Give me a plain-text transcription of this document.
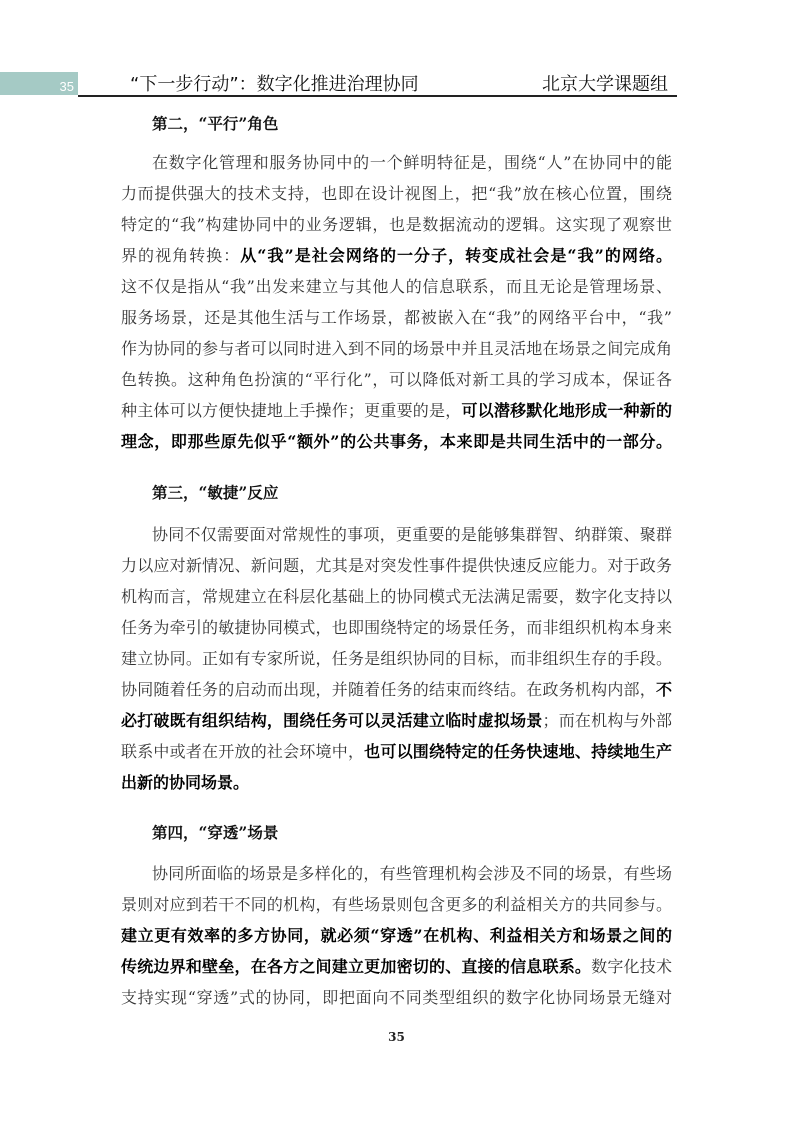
35	“下一步行动”：数字化推进治理协同	北京大学课题组
第二，“平行”角色
在数字化管理和服务协同中的一个鲜明特征是，围绕“人”在协同中的能
力而提供强大的技术支持，也即在设计视图上，把“我”放在核心位置，围绕
特定的“我”构建协同中的业务逻辑，也是数据流动的逻辑。这实现了观察世
界的视角转换：从“我”是社会网络的一分子，转变成社会是“我”的网络。
这不仅是指从“我”出发来建立与其他人的信息联系，而且无论是管理场景、
服务场景，还是其他生活与工作场景，都被嵌入在“我”的网络平台中，“我”
作为协同的参与者可以同时进入到不同的场景中并且灵活地在场景之间完成角
色转换。这种角色扮演的“平行化”，可以降低对新工具的学习成本，保证各
种主体可以方便快捷地上手操作；更重要的是，可以潜移默化地形成一种新的
理念，即那些原先似乎“额外”的公共事务，本来即是共同生活中的一部分。
第三，“敏捷”反应
协同不仅需要面对常规性的事项，更重要的是能够集群智、纳群策、聚群
力以应对新情况、新问题，尤其是对突发性事件提供快速反应能力。对于政务
机构而言，常规建立在科层化基础上的协同模式无法满足需要，数字化支持以
任务为牵引的敏捷协同模式，也即围绕特定的场景任务，而非组织机构本身来
建立协同。正如有专家所说，任务是组织协同的目标，而非组织生存的手段。
协同随着任务的启动而出现，并随着任务的结束而终结。在政务机构内部，不
必打破既有组织结构，围绕任务可以灵活建立临时虚拟场景；而在机构与外部
联系中或者在开放的社会环境中，也可以围绕特定的任务快速地、持续地生产
出新的协同场景。
第四，“穿透”场景
协同所面临的场景是多样化的，有些管理机构会涉及不同的场景，有些场
景则对应到若干不同的机构，有些场景则包含更多的利益相关方的共同参与。
建立更有效率的多方协同，就必须“穿透”在机构、利益相关方和场景之间的
传统边界和壁垒，在各方之间建立更加密切的、直接的信息联系。数字化技术
支持实现“穿透”式的协同，即把面向不同类型组织的数字化协同场景无缝对
35
